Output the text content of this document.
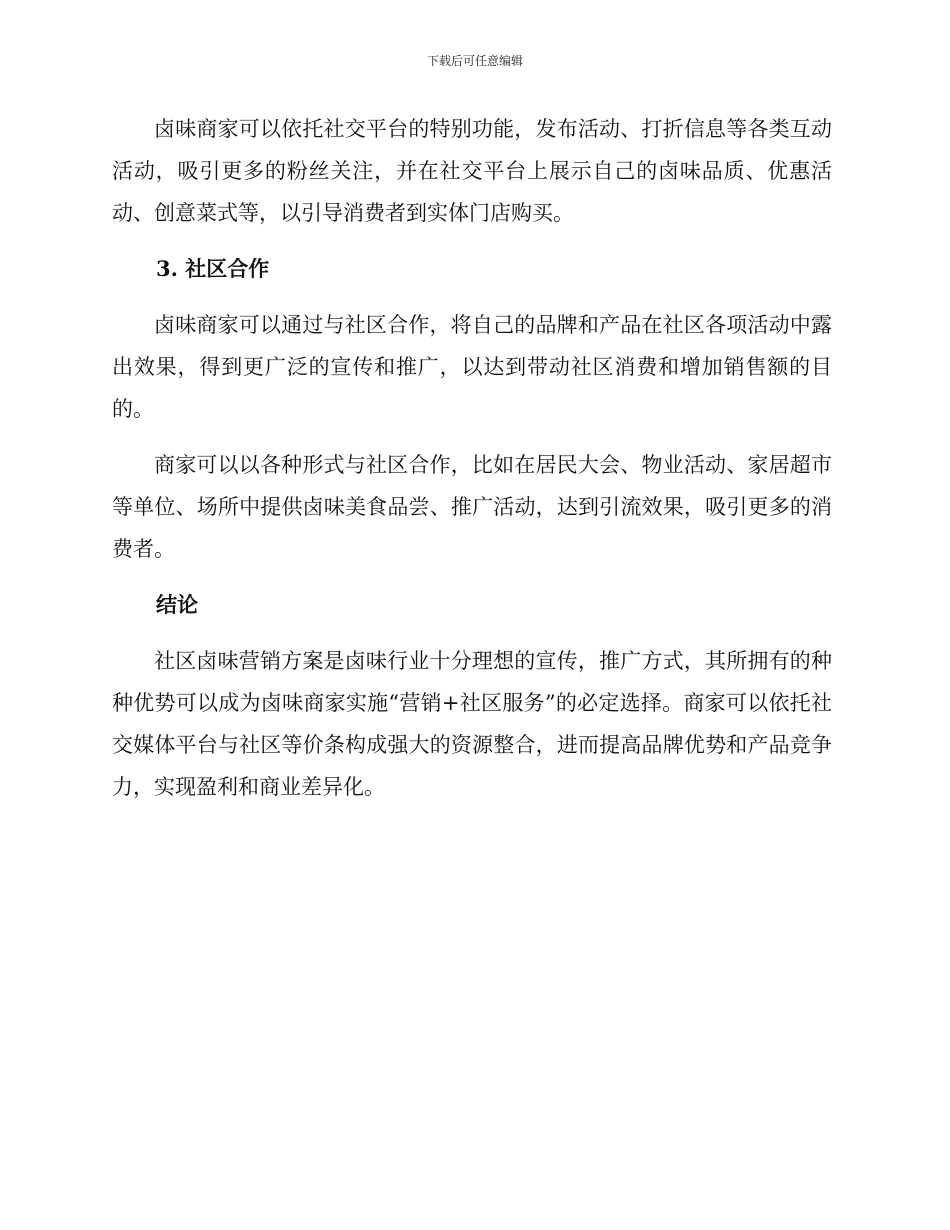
下载后可任意编辑

卤味商家可以依托社交平台的特别功能，发布活动、打折信息等各类互动活动，吸引更多的粉丝关注，并在社交平台上展示自己的卤味品质、优惠活动、创意菜式等，以引导消费者到实体门店购买。

3. 社区合作

卤味商家可以通过与社区合作，将自己的品牌和产品在社区各项活动中露出效果，得到更广泛的宣传和推广，以达到带动社区消费和增加销售额的目的。

商家可以以各种形式与社区合作，比如在居民大会、物业活动、家居超市等单位、场所中提供卤味美食品尝、推广活动，达到引流效果，吸引更多的消费者。

结论

社区卤味营销方案是卤味行业十分理想的宣传，推广方式，其所拥有的种种优势可以成为卤味商家实施“营销+社区服务”的必定选择。商家可以依托社交媒体平台与社区等价条构成强大的资源整合，进而提高品牌优势和产品竞争力，实现盈利和商业差异化。
